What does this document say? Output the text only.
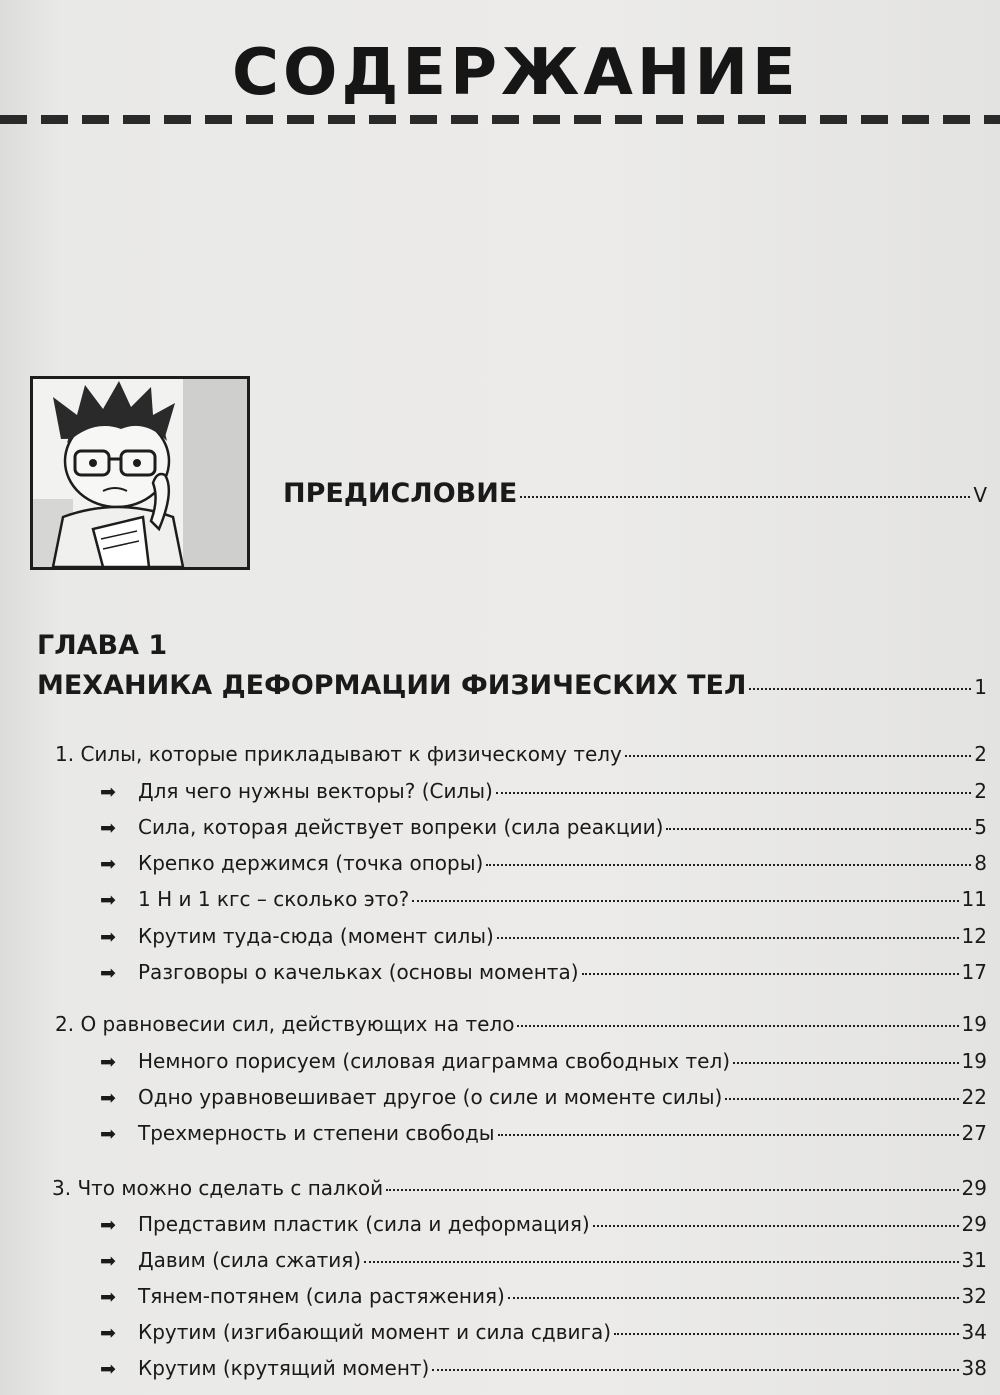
СОДЕРЖАНИЕ
ПРЕДИСЛОВИЕ	V
ГЛАВА 1
МЕХАНИКА ДЕФОРМАЦИИ ФИЗИЧЕСКИХ ТЕЛ	1
1. Силы, которые прикладывают к физическому телу	2
➡	Для чего нужны векторы? (Силы)	2
➡	Сила, которая действует вопреки (сила реакции)	5
➡	Крепко держимся (точка опоры)	8
➡	1 Н и 1 кгс – сколько это?	11
➡	Крутим туда-сюда (момент силы)	12
➡	Разговоры о качельках (основы момента)	17
2. О равновесии сил, действующих на тело	19
➡	Немного порисуем (силовая диаграмма свободных тел)	19
➡	Одно уравновешивает другое (о силе и моменте силы)	22
➡	Трехмерность и степени свободы	27
3. Что можно сделать с палкой	29
➡	Представим пластик (сила и деформация)	29
➡	Давим (сила сжатия)	31
➡	Тянем-потянем (сила растяжения)	32
➡	Крутим (изгибающий момент и сила сдвига)	34
➡	Крутим (крутящий момент)	38
